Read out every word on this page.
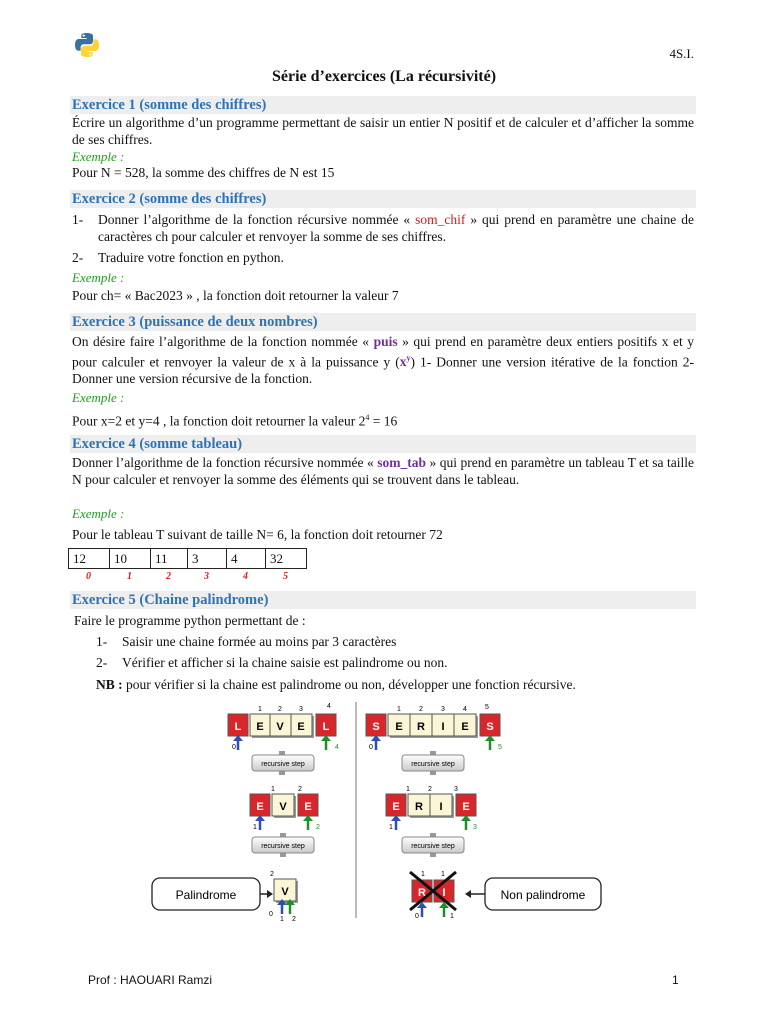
4S.I.
Série d’exercices (La récursivité)
Exercice 1 (somme des chiffres)
Écrire un algorithme d’un programme permettant de saisir un entier N positif et de calculer et d’afficher la somme de ses chiffres.
Exemple :
Pour N = 528, la somme des chiffres de N est 15
Exercice 2 (somme des chiffres)
1-	Donner l’algorithme de la fonction récursive nommée « som_chif » qui prend en paramètre une chaine de caractères ch pour calculer et renvoyer la somme de ses chiffres.
2- Traduire votre fonction en python.
Exemple :
Pour ch= « Bac2023 » , la fonction doit retourner la valeur 7
Exercice 3 (puissance de deux nombres)
On désire faire l’algorithme de la fonction nommée « puis » qui prend en paramètre deux entiers positifs x et y pour calculer et renvoyer la valeur de x à la puissance y $(x^y)$ 1- Donner une version itérative de la fonction 2- Donner une version récursive de la fonction.
Exemple :
Pour x=2 et y=4 , la fonction doit retourner la valeur $2^4 = 16$
Exercice 4 (somme tableau)
Donner l’algorithme de la fonction récursive nommée « som_tab » qui prend en paramètre un tableau T et sa taille N pour calculer et renvoyer la somme des éléments qui se trouvent dans le tableau.
Exemple :
Pour le tableau T suivant de taille N= 6, la fonction doit retourner 72
12	10	11	3	4	32
0	1	2	3	4	5
Exercice 5 (Chaine palindrome)
Faire le programme python permettant de :
1- Saisir une chaine formée au moins par 3 caractères
2- Vérifier et afficher si la chaine saisie est palindrome ou non.
NB : pour vérifier si la chaine est palindrome ou non, développer une fonction récursive.
L E V E L
1 2 3	4
0	4
recursive step
E V E
1	2
1	2
recursive step
V
2
0
1 2
Palindrome
S E R I E S
1	2	3	4	5
0	5
recursive step
E R I E
1	2	3
1	3
recursive step
R I
1 1
0	1
Non palindrome
Prof : HAOUARI Ramzi	1
